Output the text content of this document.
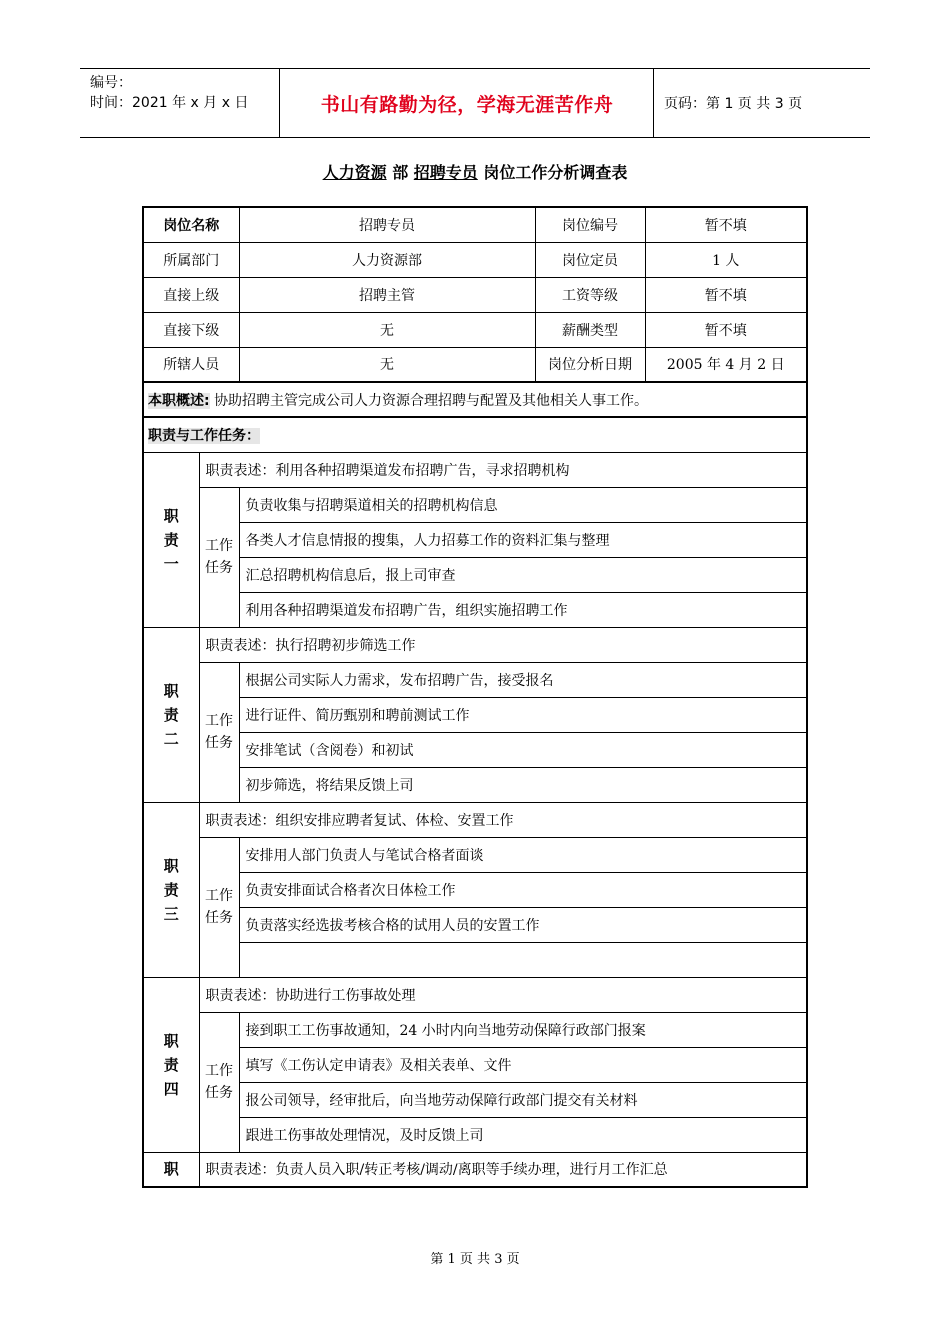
编号：
时间：2021 年 x 月 x 日	书山有路勤为径，学海无涯苦作舟	页码：第 1 页 共 3 页
人力资源 部 招聘专员 岗位工作分析调查表
岗位名称		招聘专员	岗位编号	暂不填
所属部门		人力资源部	岗位定员	1 人
直接上级		招聘主管	工资等级	暂不填
直接下级		无	薪酬类型	暂不填
所辖人员		无	岗位分析日期	2005 年 4 月 2 日
本职概述: 协助招聘主管完成公司人力资源合理招聘与配置及其他相关人事工作。				
职责与工作任务：				

职
责
一	职责表述：利用各种招聘渠道发布招聘广告，寻求招聘机构			

	工作
任务	负责收集与招聘渠道相关的招聘机构信息		
		各类人才信息情报的搜集，人力招募工作的资料汇集与整理		
		汇总招聘机构信息后，报上司审查		
		利用各种招聘渠道发布招聘广告，组织实施招聘工作		

职
责
二	职责表述：执行招聘初步筛选工作			

	工作
任务	根据公司实际人力需求，发布招聘广告，接受报名		
		进行证件、简历甄别和聘前测试工作		
		安排笔试（含阅卷）和初试		
		初步筛选，将结果反馈上司		

职
责
三	职责表述：组织安排应聘者复试、体检、安置工作			

	工作
任务	安排用人部门负责人与笔试合格者面谈		
		负责安排面试合格者次日体检工作		
		负责落实经选拔考核合格的试用人员的安置工作		

职
责
四	职责表述：协助进行工伤事故处理			

	工作
任务	接到职工工伤事故通知，24 小时内向当地劳动保障行政部门报案		
		填写《工伤认定申请表》及相关表单、文件		
		报公司领导，经审批后，向当地劳动保障行政部门提交有关材料		
		跟进工伤事故处理情况，及时反馈上司		

职	职责表述：负责人员入职/转正考核/调动/离职等手续办理，进行月工作汇总			
第 1 页 共 3 页
